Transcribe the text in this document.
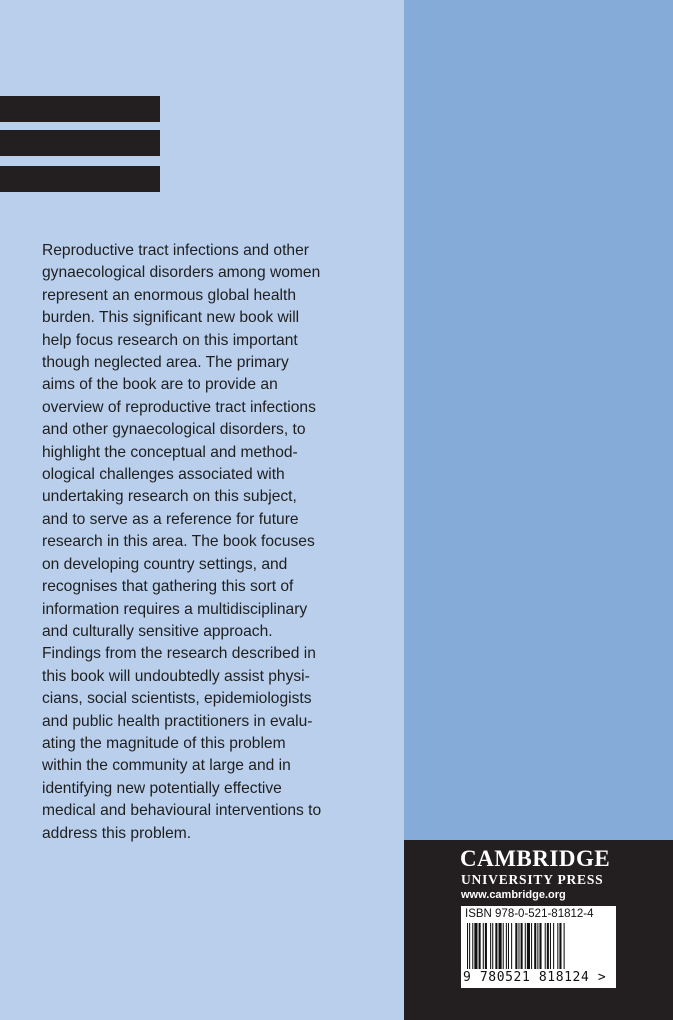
Reproductive tract infections and other
gynaecological disorders among women
represent an enormous global health
burden. This significant new book will
help focus research on this important
though neglected area. The primary
aims of the book are to provide an
overview of reproductive tract infections
and other gynaecological disorders, to
highlight the conceptual and method-
ological challenges associated with
undertaking research on this subject,
and to serve as a reference for future
research in this area. The book focuses
on developing country settings, and
recognises that gathering this sort of
information requires a multidisciplinary
and culturally sensitive approach.
Findings from the research described in
this book will undoubtedly assist physi-
cians, social scientists, epidemiologists
and public health practitioners in evalu-
ating the magnitude of this problem
within the community at large and in
identifying new potentially effective
medical and behavioural interventions to
address this problem.
CAMBRIDGE
UNIVERSITY PRESS
www.cambridge.org
ISBN 978-0-521-81812-4
9 780521 818124 >
